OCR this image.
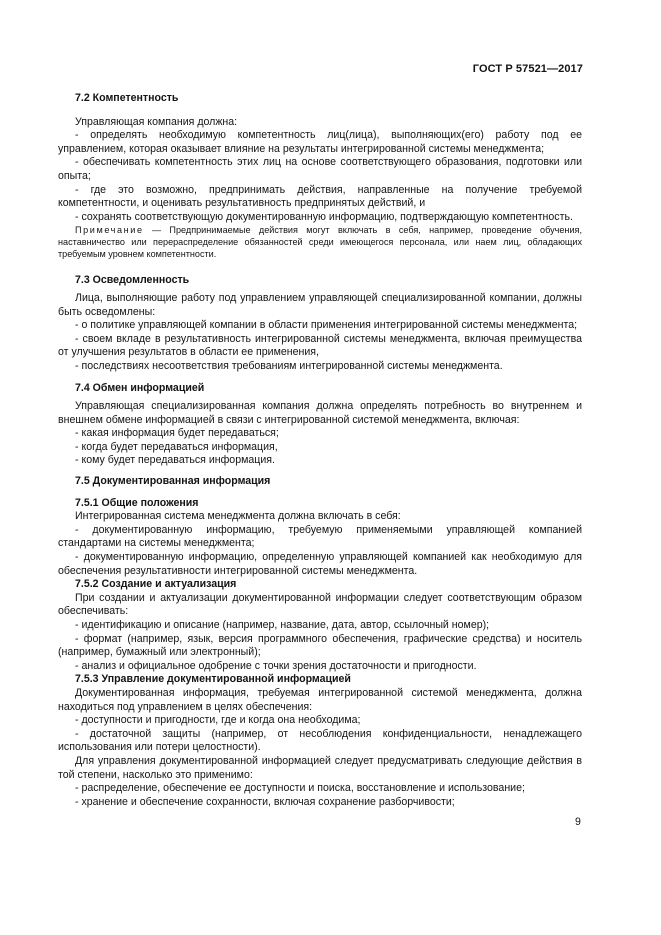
ГОСТ Р 57521—2017
7.2 Компетентность

Управляющая компания должна:

- определять необходимую компетентность лиц(лица), выполняющих(его) работу под ее управлением, которая оказывает влияние на результаты интегрированной системы менеджмента;

- обеспечивать компетентность этих лиц на основе соответствующего образования, подготовки или опыта;

- где это возможно, предпринимать действия, направленные на получение требуемой компетентности, и оценивать результативность предпринятых действий, и

- сохранять соответствующую документированную информацию, подтверждающую компетентность.

Примечание — Предпринимаемые действия могут включать в себя, например, проведение обучения, наставничество или перераспределение обязанностей среди имеющегося персонала, или наем лиц, обладающих требуемым уровнем компетентности.

7.3 Осведомленность

Лица, выполняющие работу под управлением управляющей специализированной компании, должны быть осведомлены:

- о политике управляющей компании в области применения интегрированной системы менеджмента;

- своем вкладе в результативность интегрированной системы менеджмента, включая преимущества от улучшения результатов в области ее применения,

- последствиях несоответствия требованиям интегрированной системы менеджмента.

7.4 Обмен информацией

Управляющая специализированная компания должна определять потребность во внутреннем и внешнем обмене информацией в связи с интегрированной системой менеджмента, включая:

- какая информация будет передаваться;

- когда будет передаваться информация,

- кому будет передаваться информация.

7.5 Документированная информация
7.5.1 Общие положения

Интегрированная система менеджмента должна включать в себя:

- документированную информацию, требуемую применяемыми управляющей компанией стандартами на системы менеджмента;

- документированную информацию, определенную управляющей компанией как необходимую для обеспечения результативности интегрированной системы менеджмента.

7.5.2 Создание и актуализация

При создании и актуализации документированной информации следует соответствующим образом обеспечивать:

- идентификацию и описание (например, название, дата, автор, ссылочный номер);

- формат (например, язык, версия программного обеспечения, графические средства) и носитель (например, бумажный или электронный);

- анализ и официальное одобрение с точки зрения достаточности и пригодности.

7.5.3 Управление документированной информацией

Документированная информация, требуемая интегрированной системой менеджмента, должна находиться под управлением в целях обеспечения:

- доступности и пригодности, где и когда она необходима;

- достаточной защиты (например, от несоблюдения конфиденциальности, ненадлежащего использования или потери целостности).

Для управления документированной информацией следует предусматривать следующие действия в той степени, насколько это применимо:

- распределение, обеспечение ее доступности и поиска, восстановление и использование;

- хранение и обеспечение сохранности, включая сохранение разборчивости;

9
